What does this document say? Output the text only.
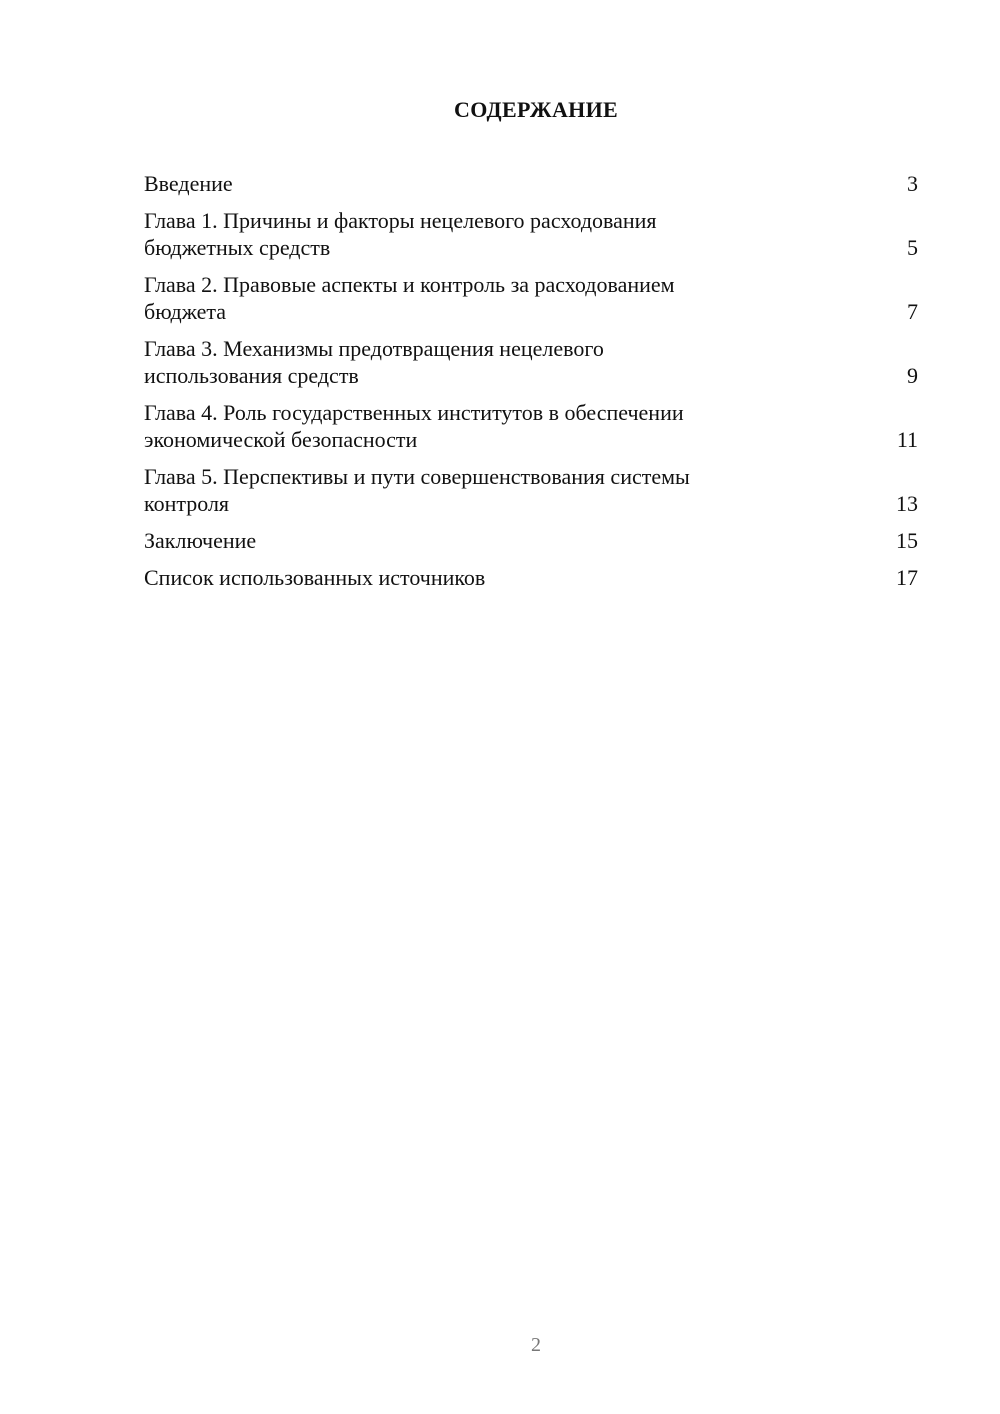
СОДЕРЖАНИЕ
Введение	3
Глава 1. Причины и факторы нецелевого расходования
бюджетных средств	5
Глава 2. Правовые аспекты и контроль за расходованием
бюджета	7
Глава 3. Механизмы предотвращения нецелевого
использования средств	9
Глава 4. Роль государственных институтов в обеспечении
экономической безопасности	11
Глава 5. Перспективы и пути совершенствования системы
контроля	13
Заключение	15
Список использованных источников	17
2
